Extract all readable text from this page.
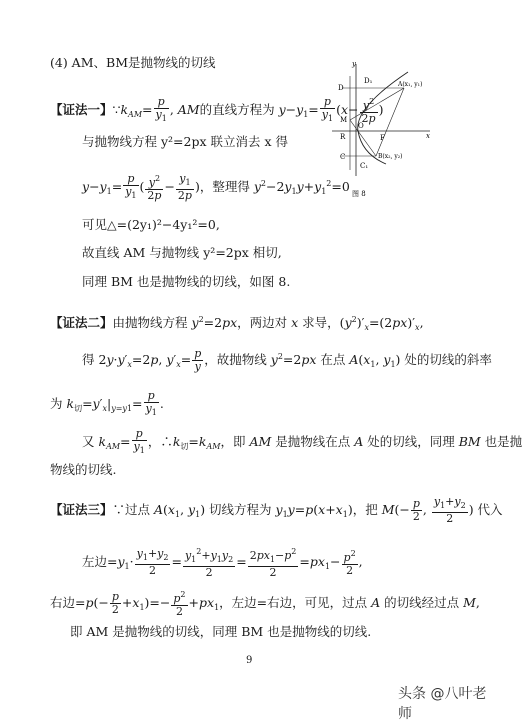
(4) AM、BM是抛物线的切线	y
x
D
D₁	A(x₁, y₁)
M
O
R	F
C
C₁
B(x₂, y₂)
图 8
【证法一】$\because k_{AM}= \frac{p}{y_1}$ , AM的直线方程为 $y-y_1= \frac{p}{y_1} (x- \frac{y^2}{2p}$ )
与抛物线方程 y²=2px 联立消去 x 得
$y-y_1= \frac{p}{y_1}$ ( $\frac{y^2}{2p} - \frac{y_1}{2p}$ )，整理得 $y^2-2y_1y+y_1^2=0$
可见△=(2y₁)²−4y₁²=0,
故直线 AM 与抛物线 y²=2px 相切,
同理 BM 也是抛物线的切线，如图 8.
【证法二】由抛物线方程 $y^2=2px$，两边对 x 求导，$(y^2)'_x=(2px)'_x$,
得 $2y\cdot y'_x=2p$, $y'_x= \frac{p}{y}$ ，故抛物线 $y^2=2px$ 在点 $A(x_1$, $y_1$) 处的切线的斜率
为 $k_切=y'_x|_{y=y1}= \frac{p}{y_1}$ .
又 $k_{AM}= \frac{p}{y_1}$ ，$\therefore k_切=k_{AM}$，即 AM 是抛物线在点 A 处的切线，同理 BM 也是抛
物线的切线.
【证法三】∵过点 $A(x_1$, $y_1$) 切线方程为 $y_1y=p(x+x_1)$，把 $M(- \frac{p}{2}$ , $\frac{y_1+y_2}{2}$ ) 代入
左边$=y_1\cdot \frac{y_1+y_2}{2} = \frac{y_1^2+y_1y_2}{2} = \frac{2px_1-p^2}{2} =px_1- \frac{p^2}{2}$ ,
右边$=p(- \frac{p}{2} +x_1)=- \frac{p^2}{2} +px_1$，左边=右边，可见，过点 A 的切线经过点 M,
即 AM 是抛物线的切线，同理 BM 也是抛物线的切线.
9
头条 @八叶老师
